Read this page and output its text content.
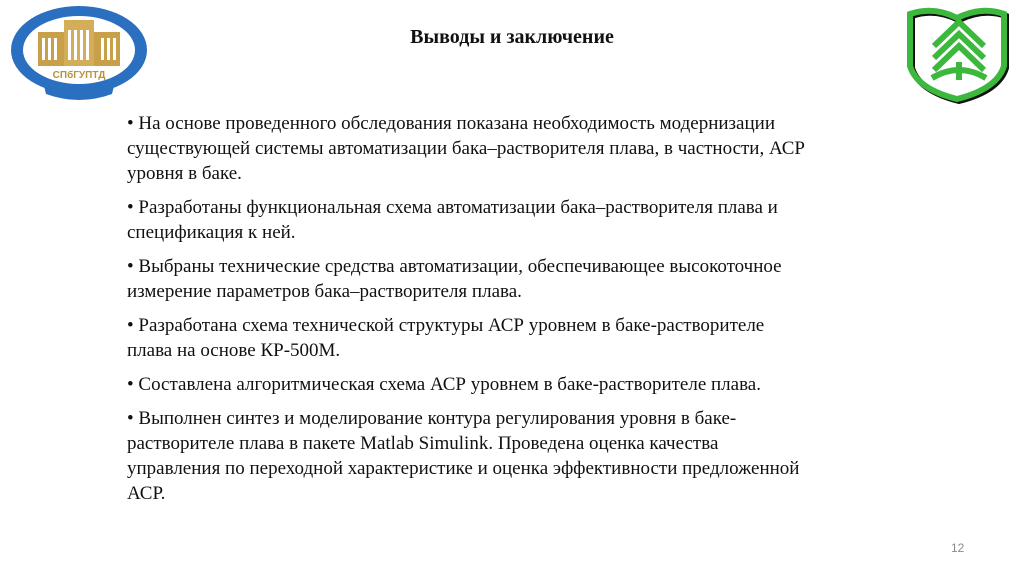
СПбГУПТД
Выводы и заключение
• На основе проведенного обследования показана необходимость модернизации
существующей системы автоматизации бака–растворителя плава, в частности, АСР
уровня в баке.
• Разработаны функциональная схема автоматизации бака–растворителя плава и
спецификация к ней.
• Выбраны технические средства автоматизации, обеспечивающее высокоточное
измерение параметров бака–растворителя плава.
• Разработана схема технической структуры АСР уровнем в баке-растворителе
плава на основе КР-500М.
• Составлена алгоритмическая схема АСР уровнем в баке-растворителе плава.
• Выполнен синтез и моделирование контура регулирования уровня в баке-
растворителе плава в пакете Matlab Simulink. Проведена оценка качества
управления по переходной характеристике и оценка эффективности предложенной
АСР.
12
